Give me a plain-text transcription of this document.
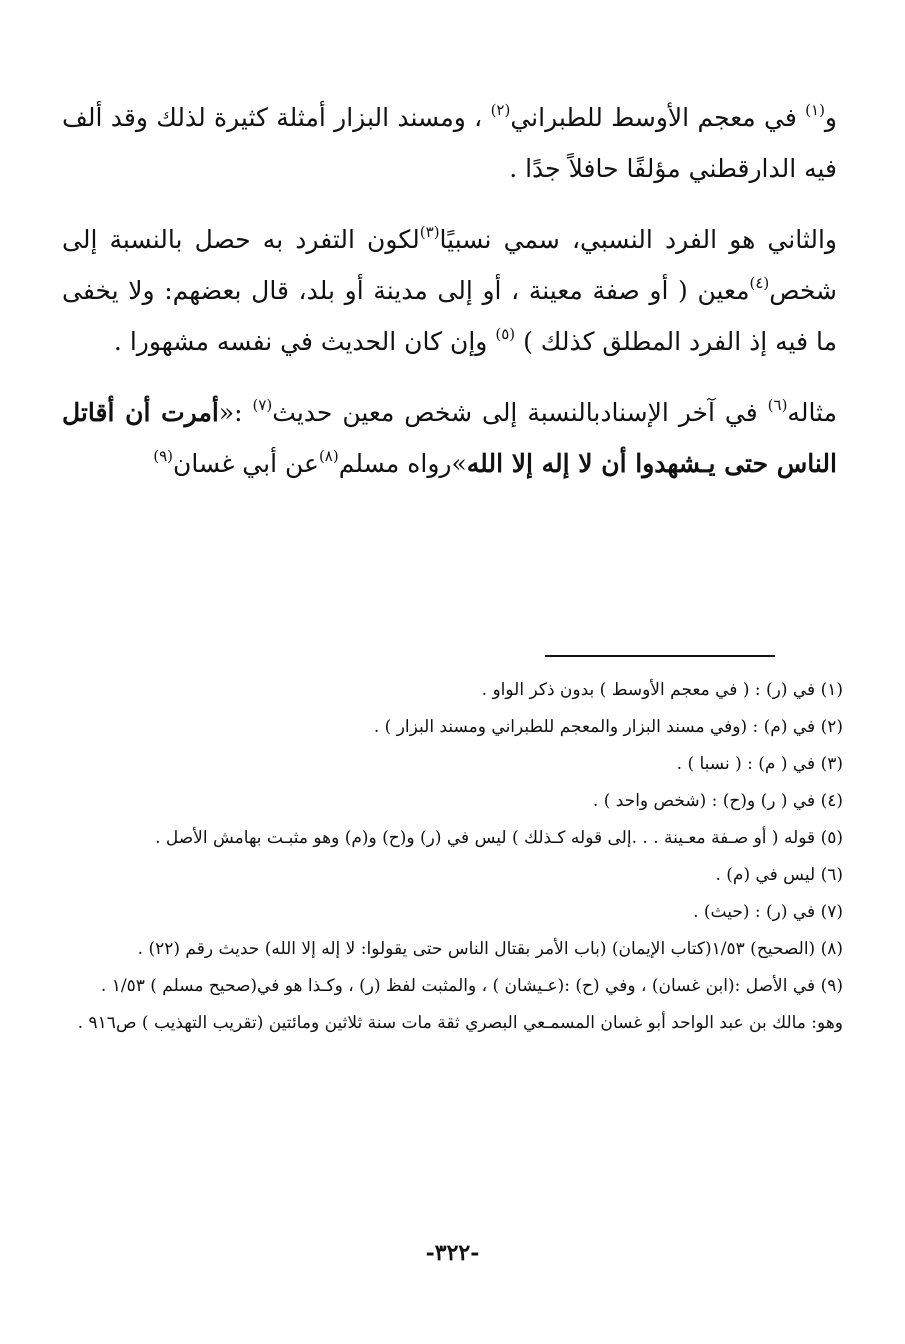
و$^{(١)}$ في معجم الأوسط للطبراني$^{(٢)}$ ، ومسند البزار أمثلة كثيرة لذلك وقد ألف فيه الدارقطني مؤلفًا حافلاً جدًا .

والثاني هو الفرد النسبي، سمي نسبيًا$^{(٣)}$لكون التفرد به حصل بالنسبة إلى شخص$^{(٤)}$معين ( أو صفة معينة ، أو إلى مدينة أو بلد، قال بعضهم: ولا يخفى ما فيه إذ الفرد المطلق كذلك ) $^{(٥)}$ وإن كان الحديث في نفسه مشهورا .

مثاله$^{(٦)}$ في آخر الإسنادبالنسبة إلى شخص معين حديث$^{(٧)}$ :«أمرت أن أقاتل الناس حتى يـشهدوا أن لا إله إلا الله»رواه مسلم$^{(٨)}$عن أبي غسان$^{(٩)}$

(١) في (ر) : ( في معجم الأوسط ) بدون ذكر الواو .

(٢) في (م) : (وفي مسند البزار والمعجم للطبراني ومسند البزار ) .

(٣) في ( م) : ( نسبا ) .

(٤) في ( ر) و(ح) : (شخص واحد ) .

(٥) قوله ( أو صـفة معـينة . . .إلى قوله كـذلك ) ليس في (ر) و(ح) و(م) وهو مثبـت بهامش الأصل .

(٦) ليس في (م) .

(٧) في (ر) : (حيث) .

(٨) (الصحيح) ١/٥٣(كتاب الإيمان) (باب الأمر بقتال الناس حتى يقولوا: لا إله إلا الله) حديث رقم (٢٢) .

(٩) في الأصل :(ابن غسان) ، وفي (ح) :(عـيشان ) ، والمثبت لفظ (ر) ، وكـذا هو في(صحيح مسلم ) ١/٥٣ .

وهو: مالك بن عبد الواحد أبو غسان المسمـعي البصري ثقة مات سنة ثلاثين ومائتين (تقريب التهذيب ) ص٩١٦ .

-٣٢٢-
